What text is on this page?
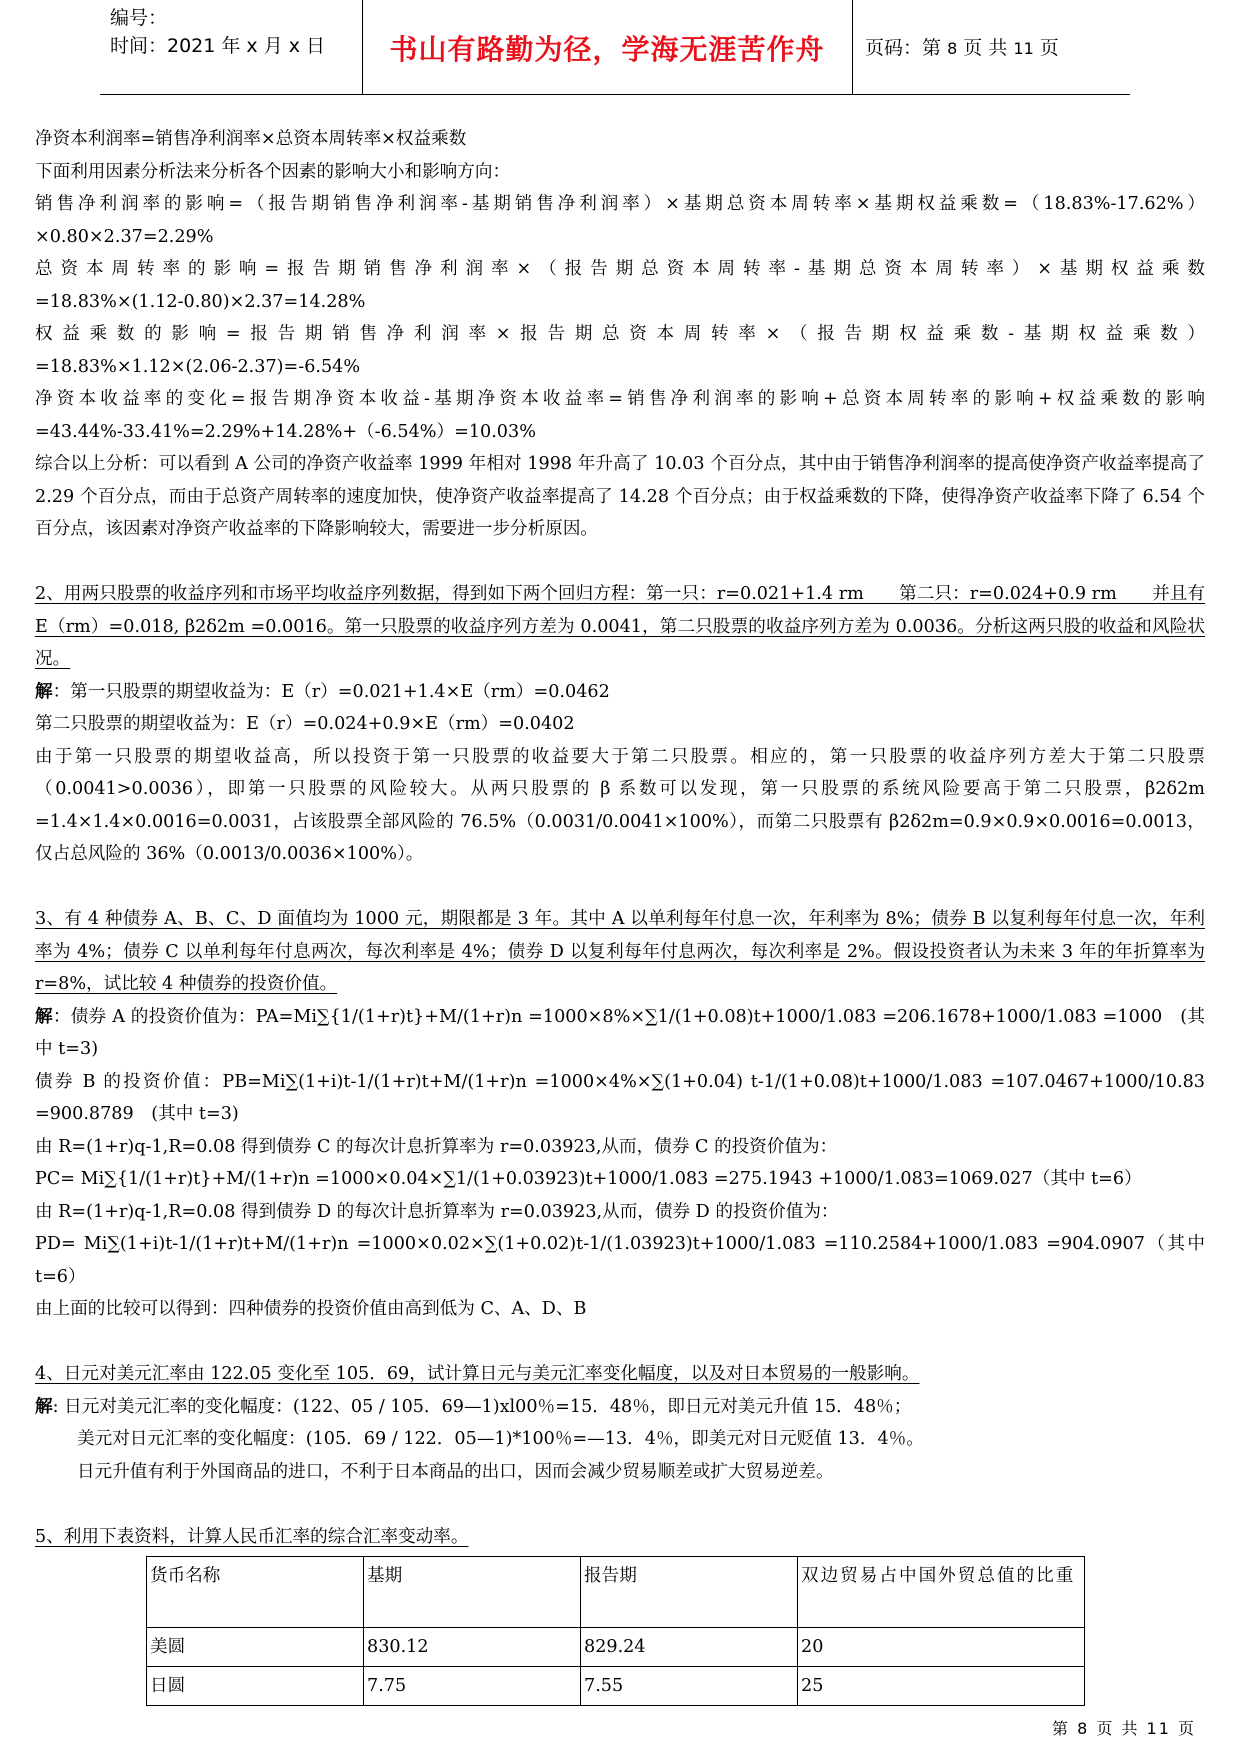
编号：
时间：2021 年 x 月 x 日	书山有路勤为径，学海无涯苦作舟	页码：第 8 页 共 11 页

净资本利润率=销售净利润率×总资本周转率×权益乘数

下面利用因素分析法来分析各个因素的影响大小和影响方向：

销售净利润率的影响=（报告期销售净利润率-基期销售净利润率）×基期总资本周转率×基期权益乘数=（18.83%-17.62%）

×0.80×2.37=2.29%

总资本周转率的影响=报告期销售净利润率×（报告期总资本周转率-基期总资本周转率）×基期权益乘数

=18.83%×(1.12-0.80)×2.37=14.28%

权益乘数的影响=报告期销售净利润率×报告期总资本周转率×（报告期权益乘数-基期权益乘数）

=18.83%×1.12×(2.06-2.37)=-6.54%

净资本收益率的变化=报告期净资本收益-基期净资本收益率=销售净利润率的影响+总资本周转率的影响+权益乘数的影响

=43.44%-33.41%=2.29%+14.28%+（-6.54%）=10.03%

综合以上分析：可以看到 A 公司的净资产收益率 1999 年相对 1998 年升高了 10.03 个百分点，其中由于销售净利润率的提高使净资产收益率提高了 2.29 个百分点，而由于总资产周转率的速度加快，使净资产收益率提高了 14.28 个百分点；由于权益乘数的下降，使得净资产收益率下降了 6.54 个百分点，该因素对净资产收益率的下降影响较大，需要进一步分析原因。

2、用两只股票的收益序列和市场平均收益序列数据，得到如下两个回归方程：第一只：r=0.021+1.4 rm　　第二只：r=0.024+0.9 rm　　并且有 E（rm）=0.018, β2δ2m =0.0016。第一只股票的收益序列方差为 0.0041，第二只股票的收益序列方差为 0.0036。分析这两只股的收益和风险状况。

解：第一只股票的期望收益为：E（r）=0.021+1.4×E（rm）=0.0462

第二只股票的期望收益为：E（r）=0.024+0.9×E（rm）=0.0402

由于第一只股票的期望收益高，所以投资于第一只股票的收益要大于第二只股票。相应的，第一只股票的收益序列方差大于第二只股票（0.0041>0.0036），即第一只股票的风险较大。从两只股票的 β 系数可以发现，第一只股票的系统风险要高于第二只股票，β2δ2m =1.4×1.4×0.0016=0.0031，占该股票全部风险的 76.5%（0.0031/0.0041×100%），而第二只股票有 β2δ2m=0.9×0.9×0.0016=0.0013，仅占总风险的 36%（0.0013/0.0036×100%）。

3、有 4 种债券 A、B、C、D 面值均为 1000 元，期限都是 3 年。其中 A 以单利每年付息一次，年利率为 8%；债券 B 以复利每年付息一次，年利率为 4%；债券 C 以单利每年付息两次，每次利率是 4%；债券 D 以复利每年付息两次，每次利率是 2%。假设投资者认为未来 3 年的年折算率为 r=8%，试比较 4 种债券的投资价值。

解：债券 A 的投资价值为：PA=Mi∑{1/(1+r)t}+M/(1+r)n =1000×8%×∑1/(1+0.08)t+1000/1.083 =206.1678+1000/1.083 =1000　(其中 t=3)

债券 B 的投资价值：PB=Mi∑(1+i)t-1/(1+r)t+M/(1+r)n =1000×4%×∑(1+0.04) t-1/(1+0.08)t+1000/1.083 =107.0467+1000/10.83 =900.8789　(其中 t=3)

由 R=(1+r)q-1,R=0.08 得到债券 C 的每次计息折算率为 r=0.03923,从而，债券 C 的投资价值为：

PC= Mi∑{1/(1+r)t}+M/(1+r)n =1000×0.04×∑1/(1+0.03923)t+1000/1.083 =275.1943 +1000/1.083=1069.027（其中 t=6）

由 R=(1+r)q-1,R=0.08 得到债券 D 的每次计息折算率为 r=0.03923,从而，债券 D 的投资价值为：

PD= Mi∑(1+i)t-1/(1+r)t+M/(1+r)n =1000×0.02×∑(1+0.02)t-1/(1.03923)t+1000/1.083 =110.2584+1000/1.083 =904.0907（其中 t=6）

由上面的比较可以得到：四种债券的投资价值由高到低为 C、A、D、B

4、日元对美元汇率由 122.05 变化至 105．69，试计算日元与美元汇率变化幅度，以及对日本贸易的一般影响。

解: 日元对美元汇率的变化幅度：(122、05 / 105．69—1)xl00％=15．48％，即日元对美元升值 15．48％；

美元对日元汇率的变化幅度：(105．69 / 122．05—1)*100％=—13．4％，即美元对日元贬值 13．4％。

日元升值有利于外国商品的进口，不利于日本商品的出口，因而会减少贸易顺差或扩大贸易逆差。

5、利用下表资料，计算人民币汇率的综合汇率变动率。

货币名称	基期	报告期	双边贸易占中国外贸总值的比重
美圆	830.12	829.24	20
日圆	7.75	7.55	25
第 8 页 共 11 页
